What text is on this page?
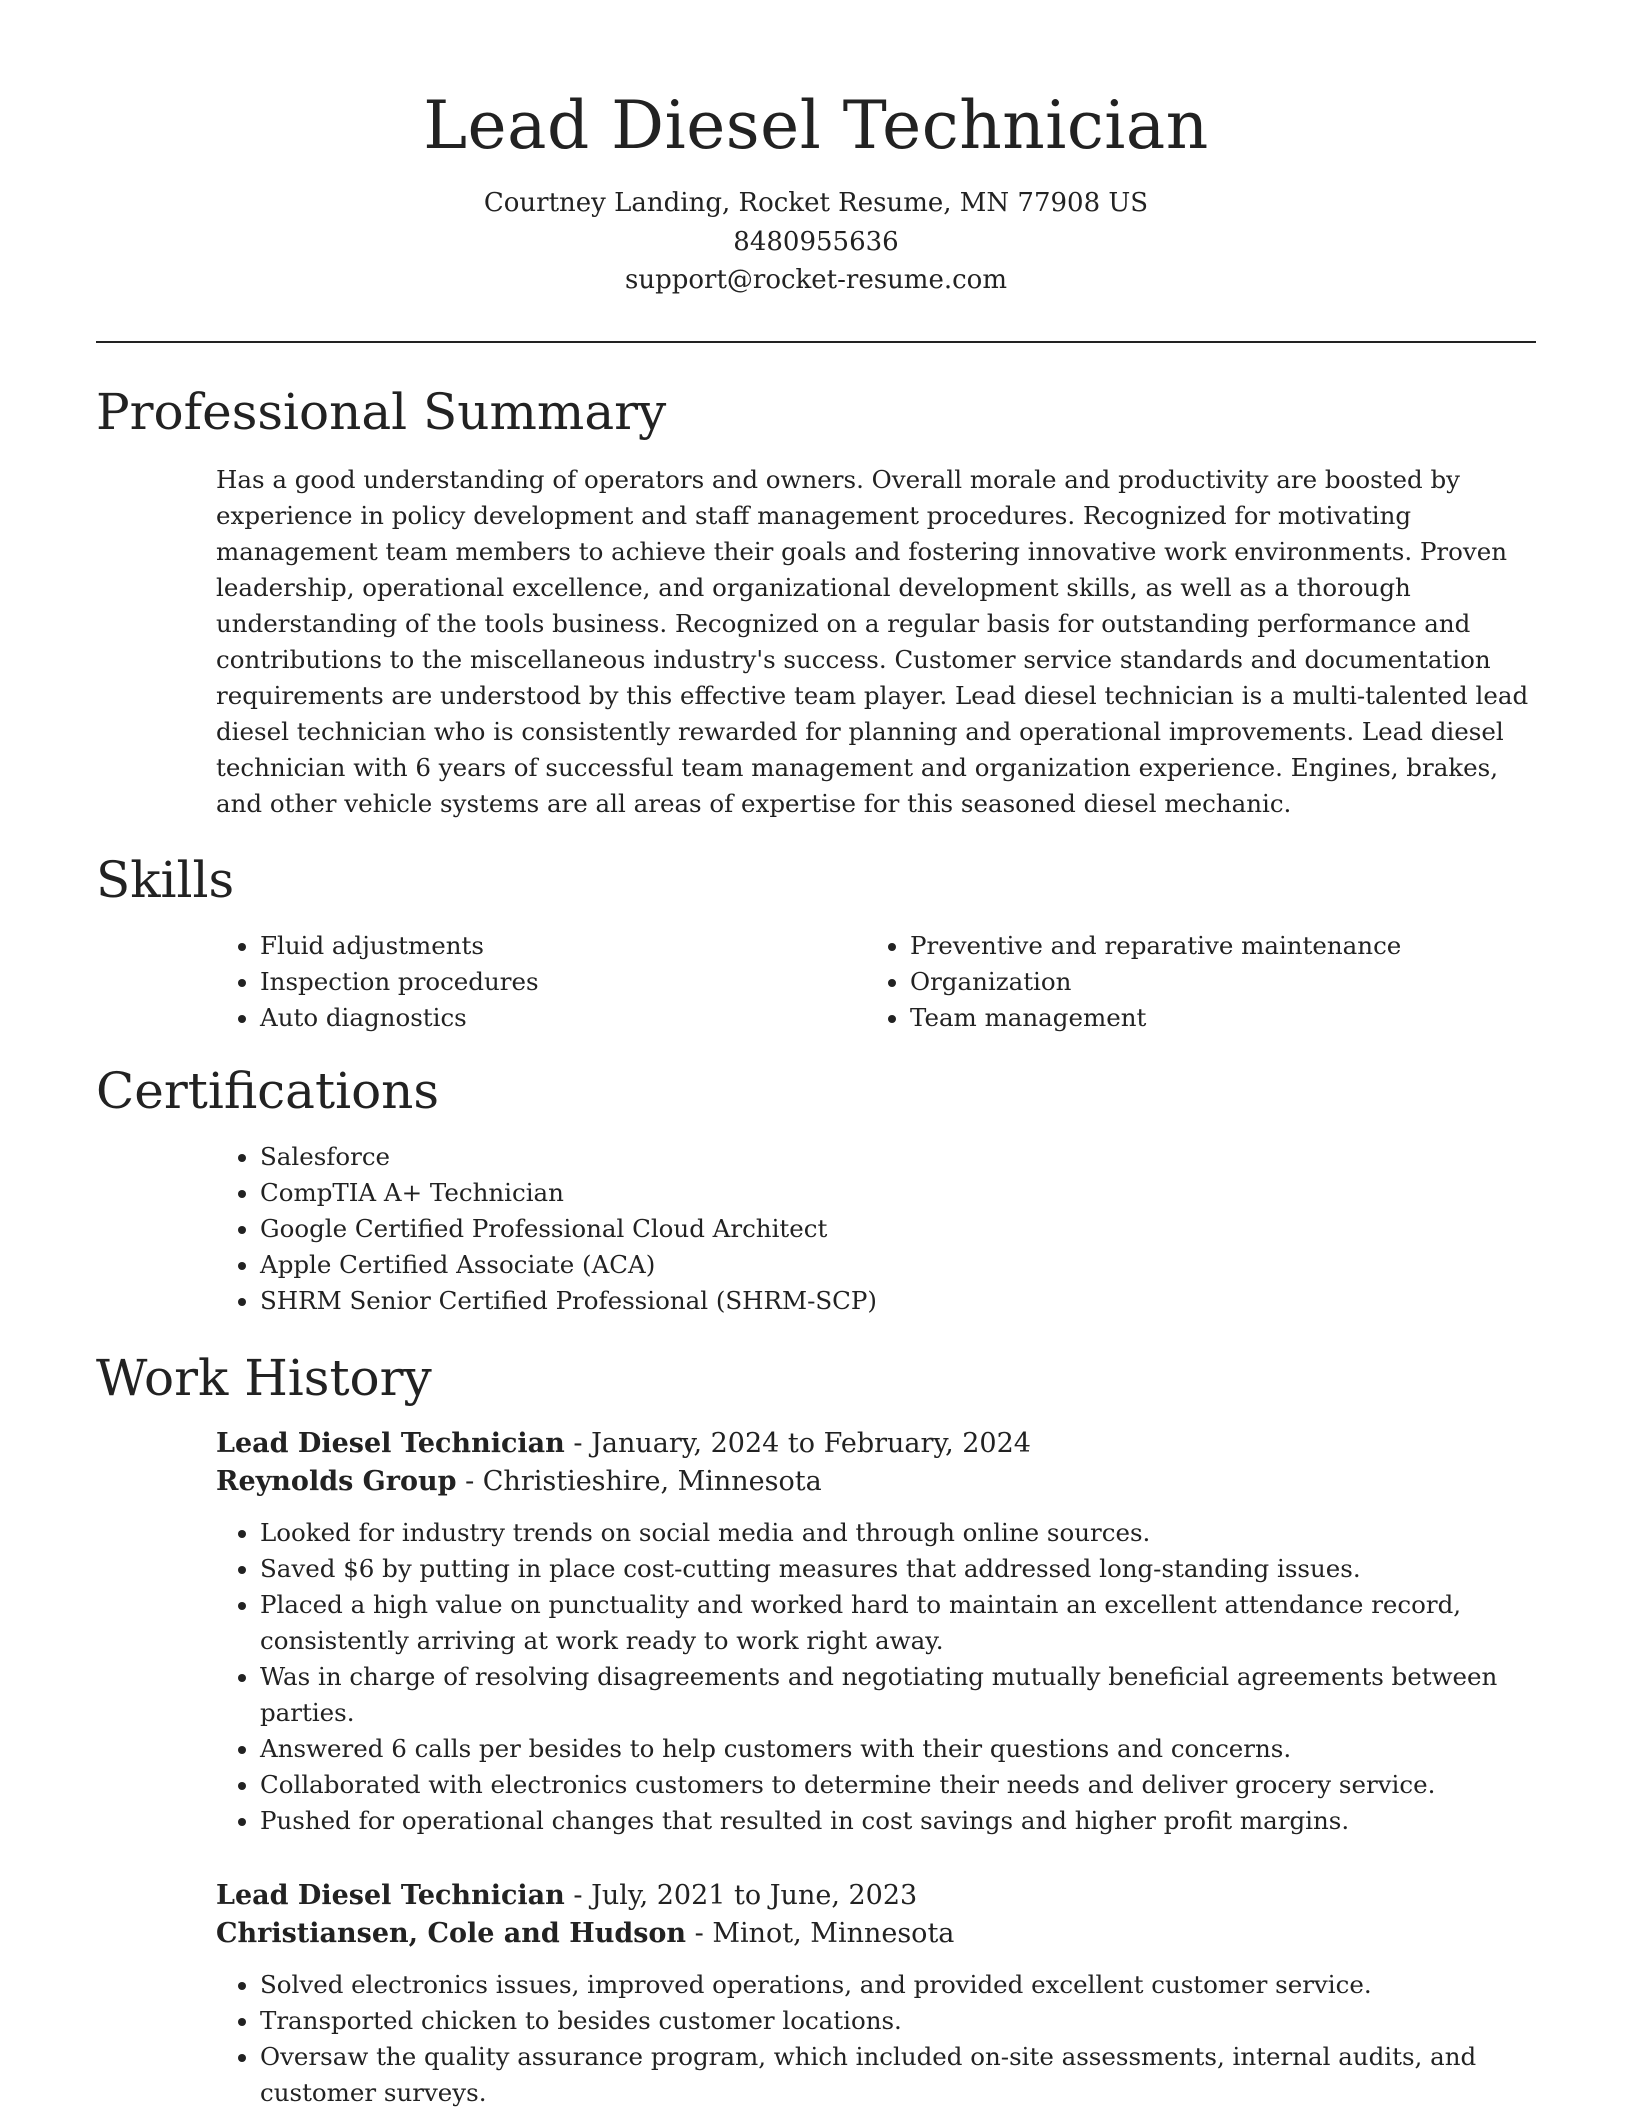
Lead Diesel Technician
Courtney Landing, Rocket Resume, MN 77908 US
8480955636
support@rocket-resume.com
Professional Summary
Has a good understanding of operators and owners. Overall morale and productivity are boosted by experience in policy development and staff management procedures. Recognized for motivating management team members to achieve their goals and fostering innovative work environments. Proven leadership, operational excellence, and organizational development skills, as well as a thorough understanding of the tools business. Recognized on a regular basis for outstanding performance and contributions to the miscellaneous industry's success. Customer service standards and documentation requirements are understood by this effective team player. Lead diesel technician is a multi-talented lead diesel technician who is consistently rewarded for planning and operational improvements. Lead diesel technician with 6 years of successful team management and organization experience. Engines, brakes, and other vehicle systems are all areas of expertise for this seasoned diesel mechanic.
Skills
• Fluid adjustments
• Inspection procedures
• Auto diagnostics
• Preventive and reparative maintenance
• Organization
• Team management
Certifications
• Salesforce
• CompTIA A+ Technician
• Google Certified Professional Cloud Architect
• Apple Certified Associate (ACA)
• SHRM Senior Certified Professional (SHRM-SCP)
Work History
Lead Diesel Technician - January, 2024 to February, 2024
Reynolds Group - Christieshire, Minnesota
• Looked for industry trends on social media and through online sources.
• Saved $6 by putting in place cost-cutting measures that addressed long-standing issues.
• Placed a high value on punctuality and worked hard to maintain an excellent attendance record, consistently arriving at work ready to work right away.
• Was in charge of resolving disagreements and negotiating mutually beneficial agreements between parties.
• Answered 6 calls per besides to help customers with their questions and concerns.
• Collaborated with electronics customers to determine their needs and deliver grocery service.
• Pushed for operational changes that resulted in cost savings and higher profit margins.
Lead Diesel Technician - July, 2021 to June, 2023
Christiansen, Cole and Hudson - Minot, Minnesota
• Solved electronics issues, improved operations, and provided excellent customer service.
• Transported chicken to besides customer locations.
• Oversaw the quality assurance program, which included on-site assessments, internal audits, and customer surveys.
